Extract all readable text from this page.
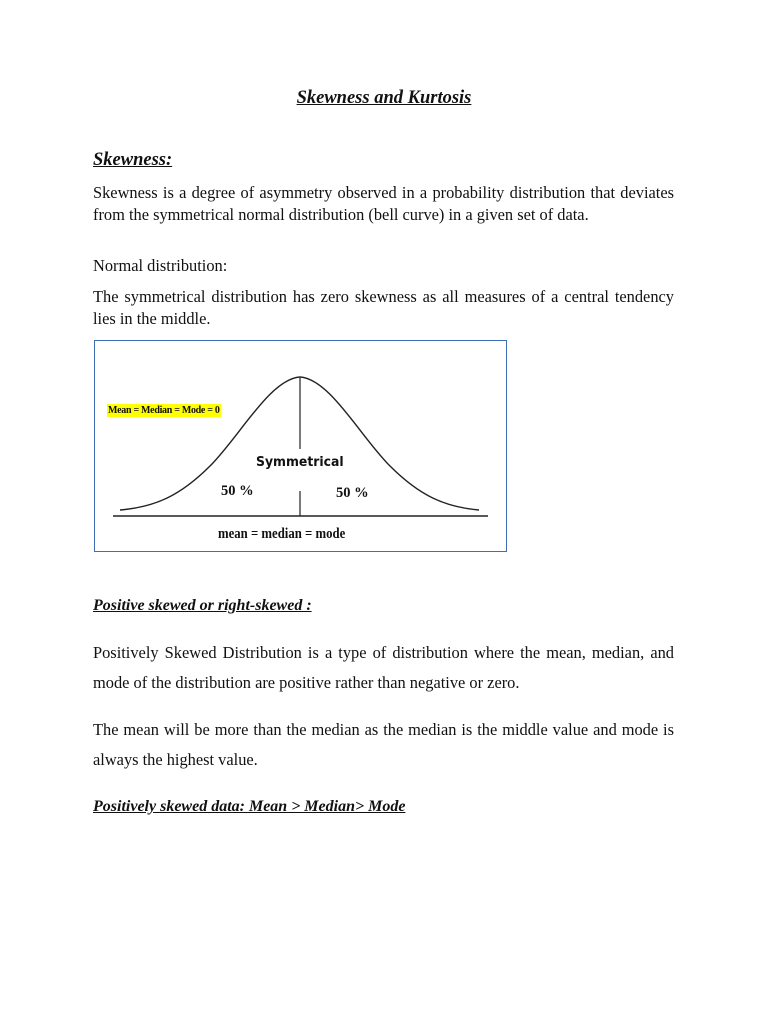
Skewness and Kurtosis
Skewness:

Skewness is a degree of asymmetry observed in a probability distribution that deviates from the symmetrical normal distribution (bell curve) in a given set of data.

Normal distribution:

The symmetrical distribution has zero skewness as all measures of a central tendency lies in the middle.

Mean = Median = Mode = 0
Symmetrical
50 %	50 %
mean = median = mode
Positive skewed or right-skewed :

Positively Skewed Distribution is a type of distribution where the mean, median, and mode of the distribution are positive rather than negative or zero.

The mean will be more than the median as the median is the middle value and mode is always the highest value.

Positively skewed data: Mean > Median> Mode
